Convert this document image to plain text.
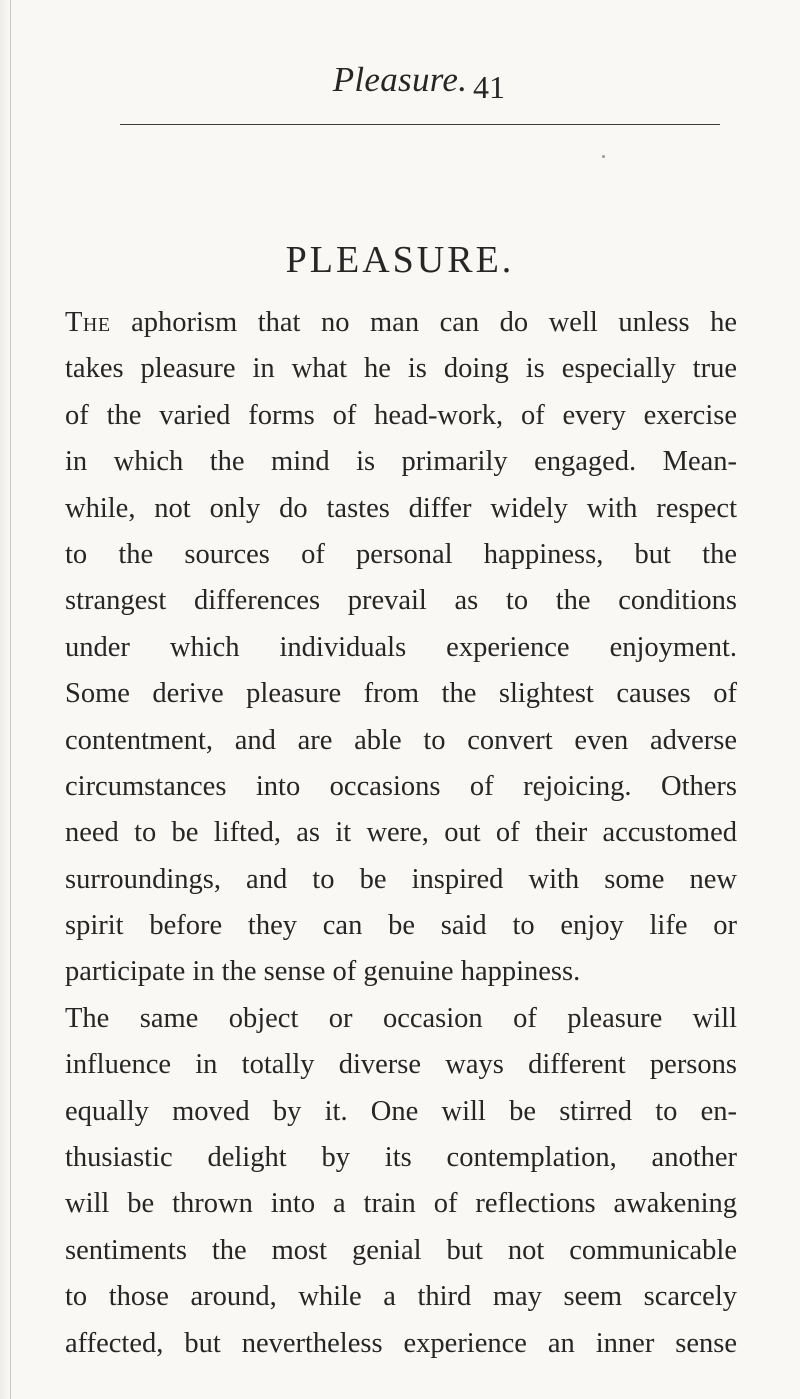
Pleasure. 41
PLEASURE.
The aphorism that no man can do well unless he
takes pleasure in what he is doing is especially true
of the varied forms of head-work, of every exercise
in which the mind is primarily engaged. Mean-
while, not only do tastes differ widely with respect
to the sources of personal happiness, but the
strangest differences prevail as to the conditions
under which individuals experience enjoyment.
Some derive pleasure from the slightest causes of
contentment, and are able to convert even adverse
circumstances into occasions of rejoicing. Others
need to be lifted, as it were, out of their accustomed
surroundings, and to be inspired with some new
spirit before they can be said to enjoy life or
participate in the sense of genuine happiness.
The same object or occasion of pleasure will
influence in totally diverse ways different persons
equally moved by it. One will be stirred to en-
thusiastic delight by its contemplation, another
will be thrown into a train of reflections awakening
sentiments the most genial but not communicable
to those around, while a third may seem scarcely
affected, but nevertheless experience an inner sense
